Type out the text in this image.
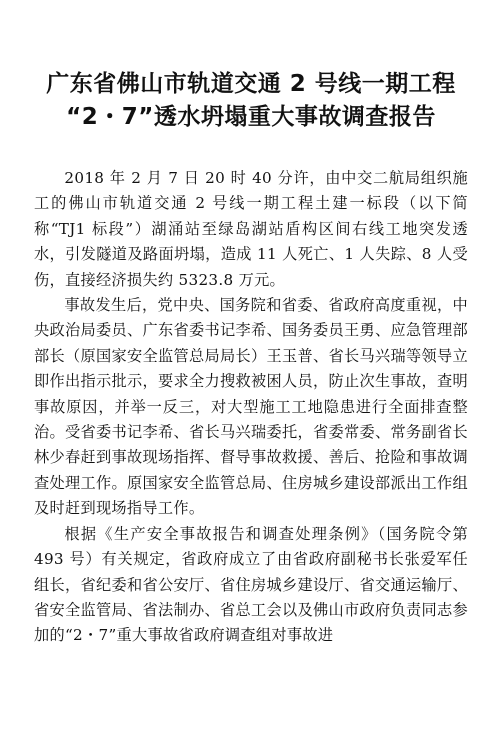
广东省佛山市轨道交通 2 号线一期工程
“2・7”透水坍塌重大事故调查报告

2018 年 2 月 7 日 20 时 40 分许，由中交二航局组织施工的佛山市轨道交通 2 号线一期工程土建一标段（以下简称“TJ1 标段”）湖涌站至绿岛湖站盾构区间右线工地突发透水，引发隧道及路面坍塌，造成 11 人死亡、1 人失踪、8 人受伤，直接经济损失约 5323.8 万元。

事故发生后，党中央、国务院和省委、省政府高度重视，中央政治局委员、广东省委书记李希、国务委员王勇、应急管理部部长（原国家安全监管总局局长）王玉普、省长马兴瑞等领导立即作出指示批示，要求全力搜救被困人员，防止次生事故，查明事故原因，并举一反三，对大型施工工地隐患进行全面排查整治。受省委书记李希、省长马兴瑞委托，省委常委、常务副省长林少春赶到事故现场指挥、督导事故救援、善后、抢险和事故调查处理工作。原国家安全监管总局、住房城乡建设部派出工作组及时赶到现场指导工作。

根据《生产安全事故报告和调查处理条例》（国务院令第 493 号）有关规定，省政府成立了由省政府副秘书长张爱军任组长，省纪委和省公安厅、省住房城乡建设厅、省交通运输厅、省安全监管局、省法制办、省总工会以及佛山市政府负责同志参加的“2・7”重大事故省政府调查组对事故进
